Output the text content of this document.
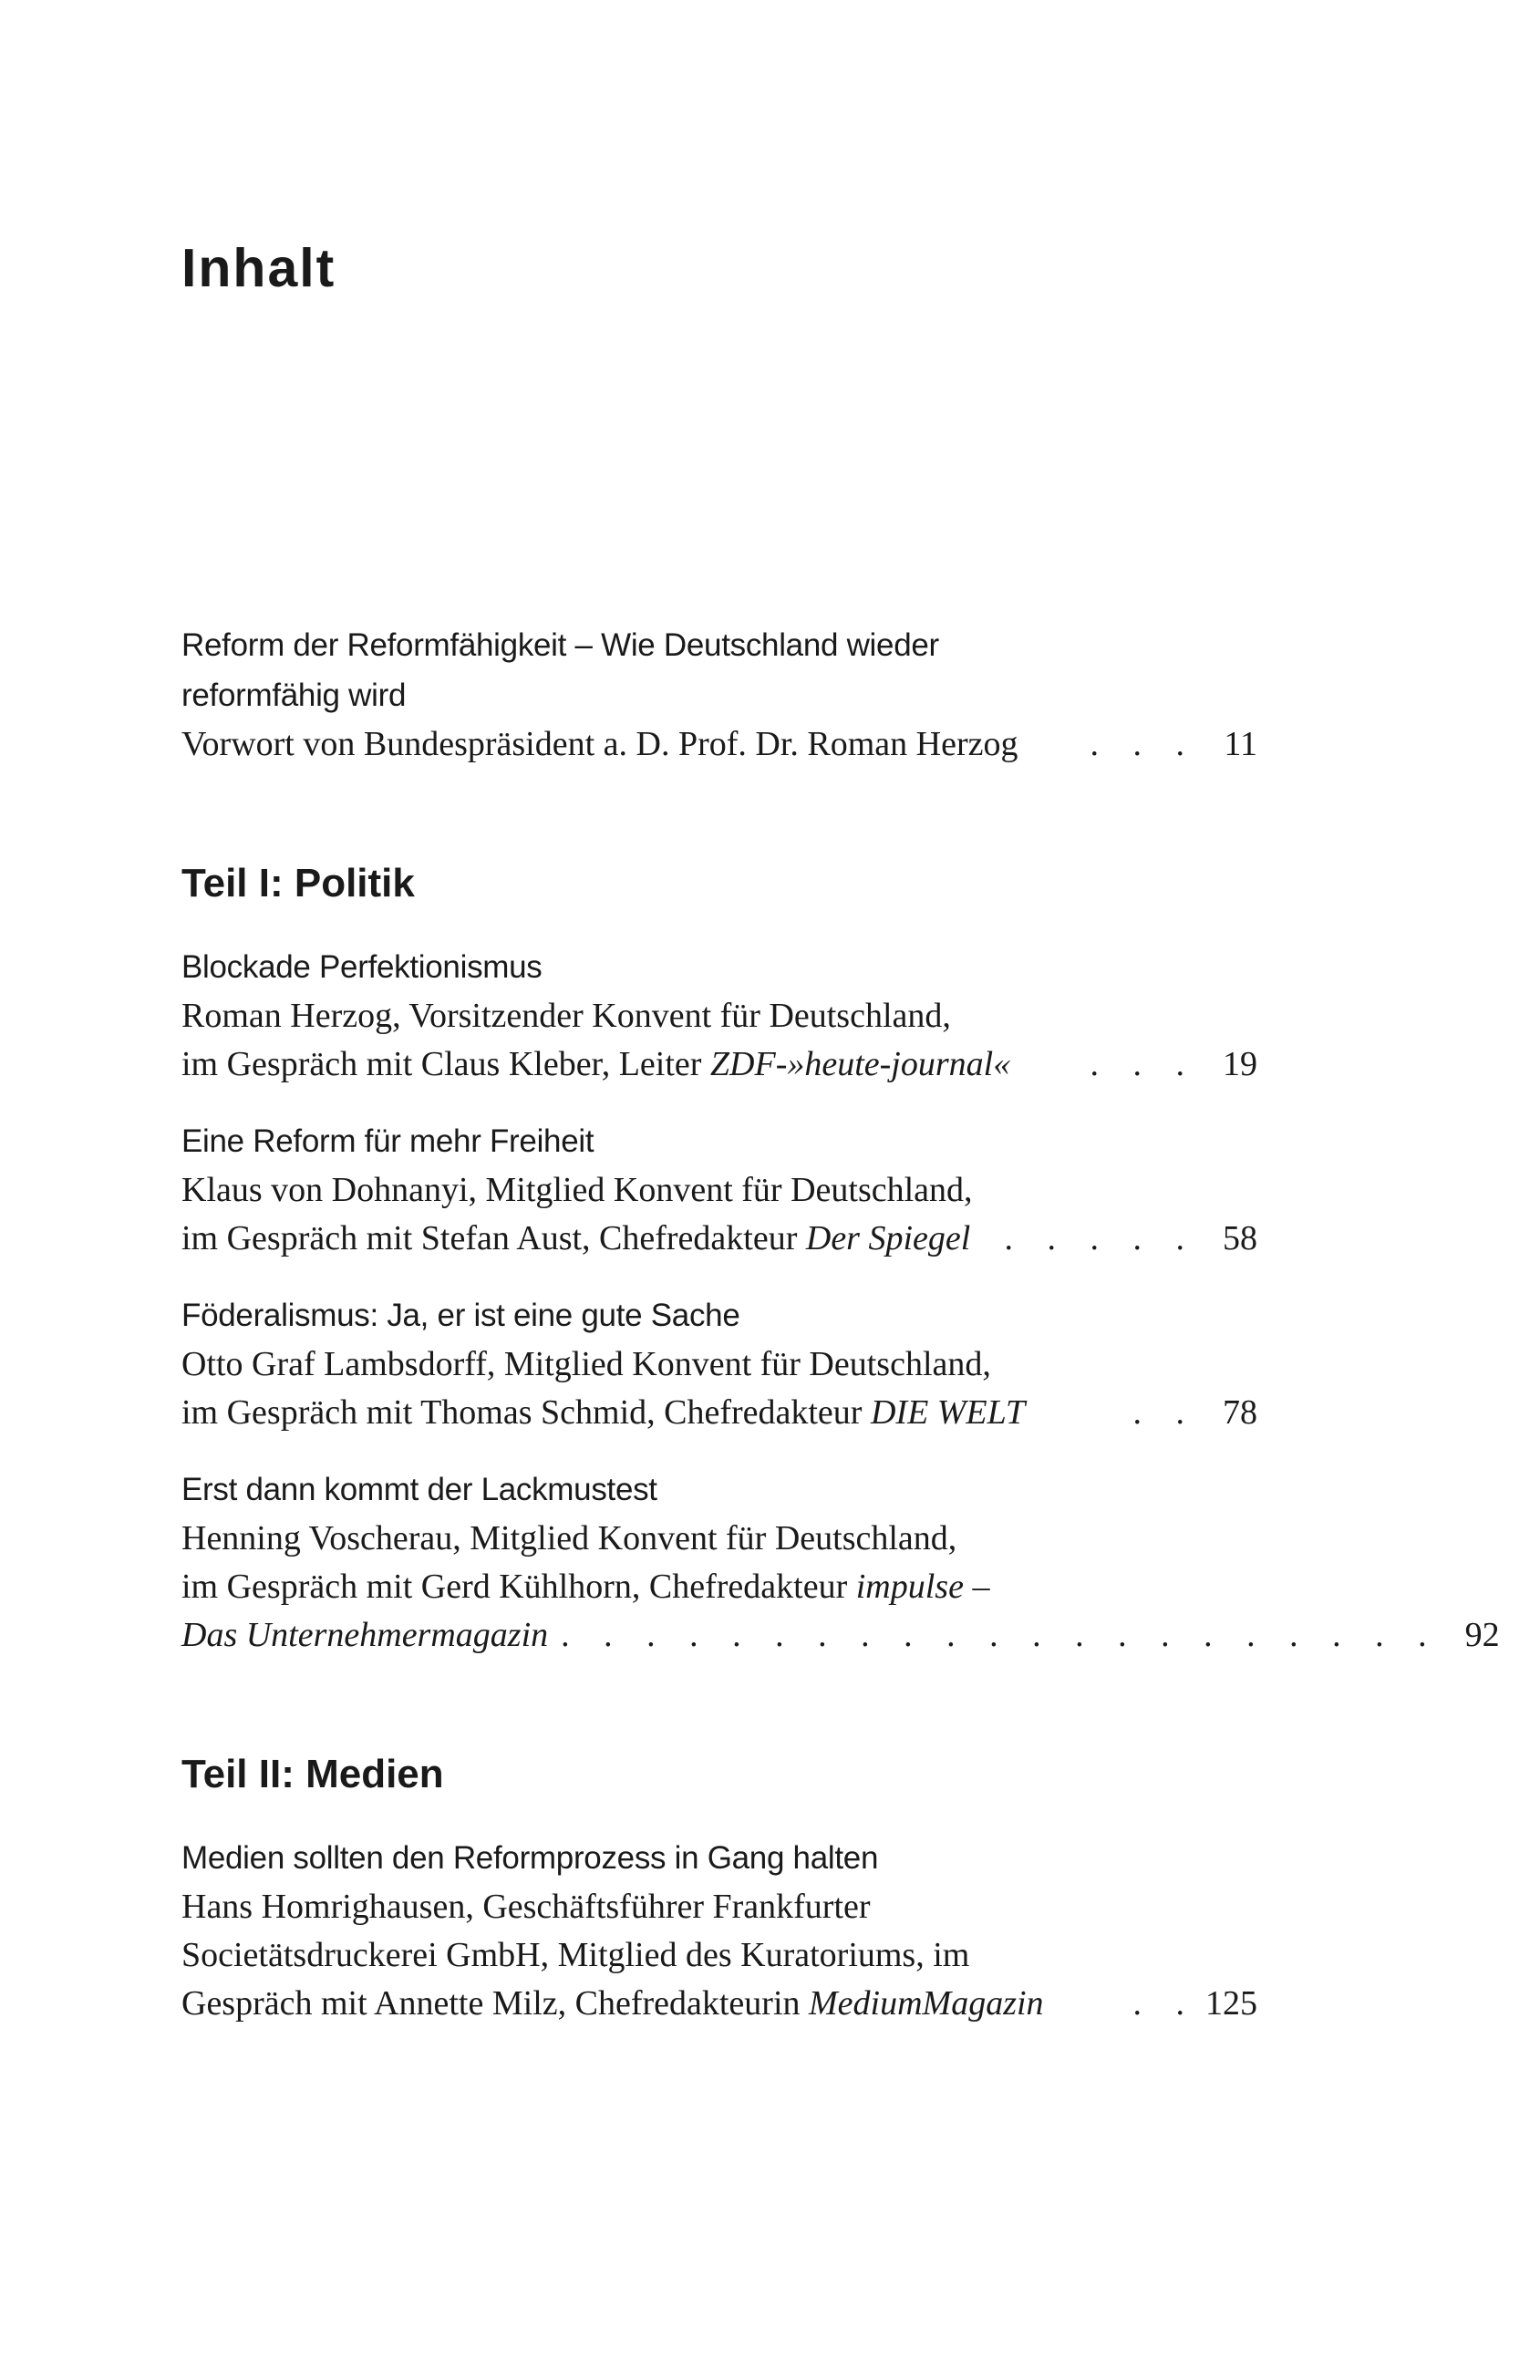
Inhalt

Reform der Reformfähigkeit – Wie Deutschland wieder

reformfähig wird

Vorwort von Bundespräsident a. D. Prof. Dr. Roman Herzog	. . . 11

Teil I: Politik

Blockade Perfektionismus

Roman Herzog, Vorsitzender Konvent für Deutschland,

im Gespräch mit Claus Kleber, Leiter ZDF-»heute-journal«	. . . 19

Eine Reform für mehr Freiheit

Klaus von Dohnanyi, Mitglied Konvent für Deutschland,

im Gespräch mit Stefan Aust, Chefredakteur Der Spiegel . . . . . 58

Föderalismus: Ja, er ist eine gute Sache

Otto Graf Lambsdorff, Mitglied Konvent für Deutschland,

im Gespräch mit Thomas Schmid, Chefredakteur DIE WELT	. . 78

Erst dann kommt der Lackmustest

Henning Voscherau, Mitglied Konvent für Deutschland,

im Gespräch mit Gerd Kühlhorn, Chefredakteur impulse –

Das Unternehmermagazin . . . . . . . . . . . . . . . . . . . . . 92

Teil II: Medien

Medien sollten den Reformprozess in Gang halten

Hans Homrighausen, Geschäftsführer Frankfurter

Societätsdruckerei GmbH, Mitglied des Kuratoriums, im

Gespräch mit Annette Milz, Chefredakteurin MediumMagazin	. . 125
